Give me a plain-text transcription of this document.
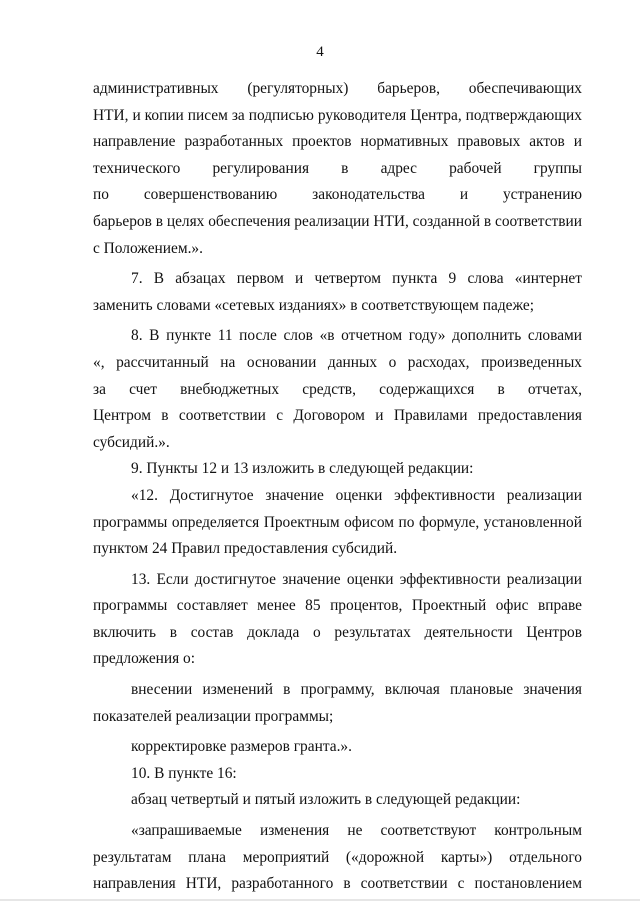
4
административных (регуляторных) барьеров, обеспечивающих
НТИ, и копии писем за подписью руководителя Центра, подтверждающих
направление разработанных проектов нормативных правовых актов и
технического регулирования в адрес рабочей группы
по совершенствованию законодательства и устранению
барьеров в целях обеспечения реализации НТИ, созданной в соответствии
с Положением.».
7. В абзацах первом и четвертом пункта 9 слова «интернет
заменить словами «сетевых изданиях» в соответствующем падеже;
8. В пункте 11 после слов «в отчетном году» дополнить словами
«, рассчитанный на основании данных о расходах, произведенных
за счет внебюджетных средств, содержащихся в отчетах,
Центром в соответствии с Договором и Правилами предоставления
субсидий.».
9. Пункты 12 и 13 изложить в следующей редакции:
«12. Достигнутое значение оценки эффективности реализации
программы определяется Проектным офисом по формуле, установленной
пунктом 24 Правил предоставления субсидий.
13. Если достигнутое значение оценки эффективности реализации
программы составляет менее 85 процентов, Проектный офис вправе
включить в состав доклада о результатах деятельности Центров
предложения о:
внесении изменений в программу, включая плановые значения
показателей реализации программы;
корректировке размеров гранта.».
10. В пункте 16:
абзац четвертый и пятый изложить в следующей редакции:
«запрашиваемые изменения не соответствуют контрольным
результатам плана мероприятий («дорожной карты») отдельного
направления НТИ, разработанного в соответствии с постановлением
